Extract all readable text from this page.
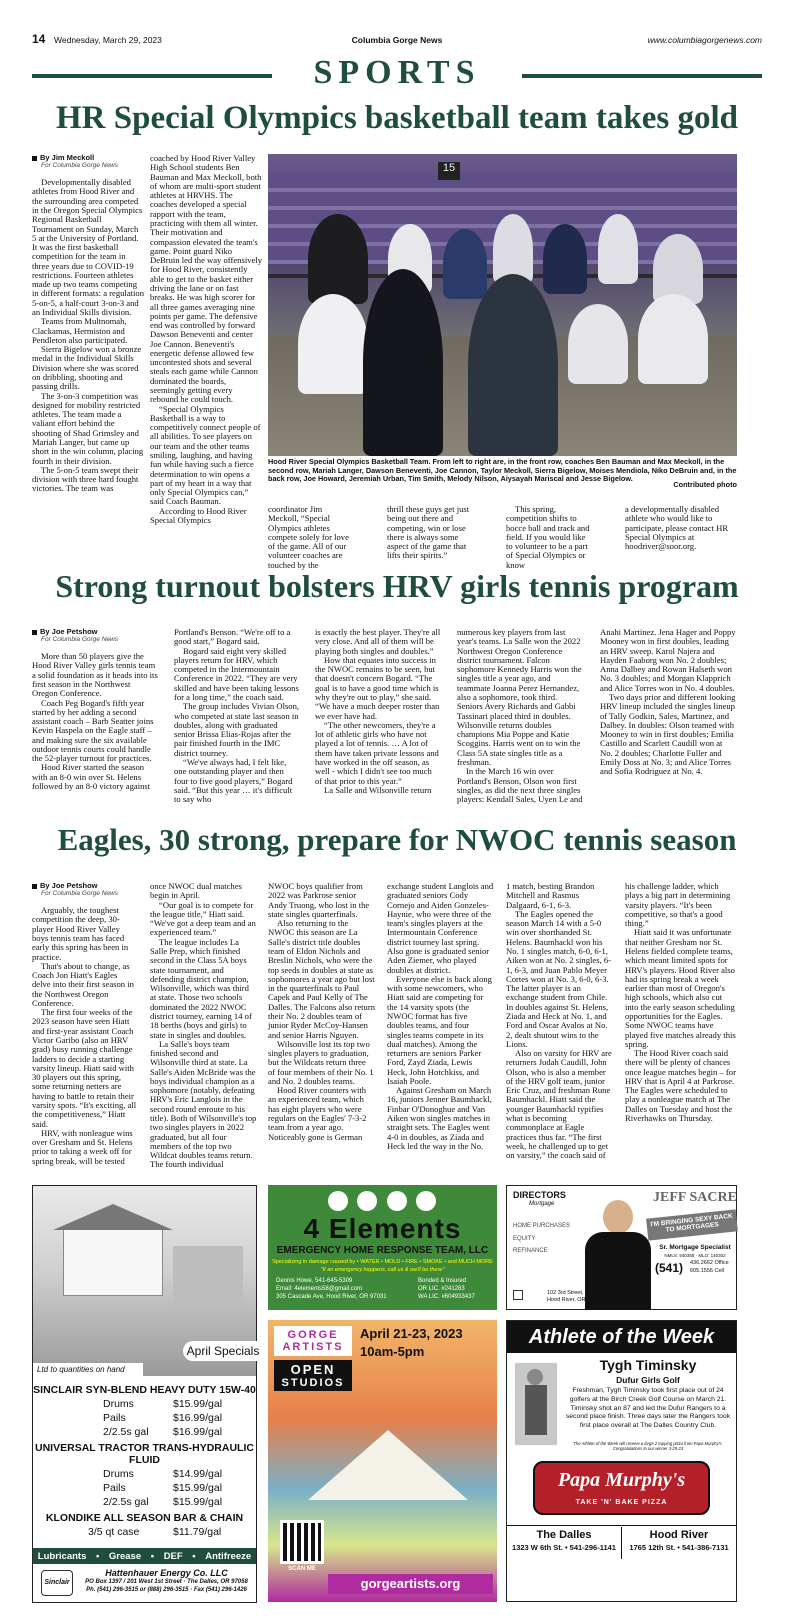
14 Wednesday, March 29, 2023	Columbia Gorge News	www.columbiagorgenews.com
SPORTS
HR Special Olympics basketball team takes gold
By Jim Meckoll
For Columbia Gorge News

Developmentally disabled athletes from Hood River and the surrounding area competed in the Oregon Special Olympics Regional Basketball Tournament on Sunday, March 5 at the University of Portland. It was the first basketball competition for the team in three years due to COVID-19 restrictions. Fourteen athletes made up two teams competing in different formats: a regulation 5-on-5, a half-court 3-on-3 and an Individual Skills division.

Teams from Multnomah, Clackamas, Hermiston and Pendleton also participated.

Sierra Bigelow won a bronze medal in the Individual Skills Division where she was scored on dribbling, shooting and passing drills.

The 3-on-3 competition was designed for mobility restricted athletes. The team made a valiant effort behind the shooting of Shad Grimsley and Mariah Langer, but came up short in the win column, placing fourth in their division.

The 5-on-5 team swept their division with three hard fought victories. The team was

coached by Hood River Valley High School students Ben Bauman and Max Meckoll, both of whom are multi-sport student athletes at HRVHS. The coaches developed a special rapport with the team, practicing with them all winter. Their motivation and compassion elevated the team's game. Point guard Niko DeBruin led the way offensively for Hood River, consistently able to get to the basket either driving the lane or on fast breaks. He was high scorer for all three games averaging nine points per game. The defensive end was controlled by forward Dawson Beneventi and center Joe Cannon. Beneventi's energetic defense allowed few uncontested shots and several steals each game while Cannon dominated the boards, seemingly getting every rebound he could touch.

“Special Olympics Basketball is a way to competitively connect people of all abilities. To see players on our team and the other teams smiling, laughing, and having fun while having such a fierce determination to win opens a part of my heart in a way that only Special Olympics can,” said Coach Bauman.

According to Hood River Special Olympics

15
Hood River Special Olympics Basketball Team. From left to right are, in the front row, coaches Ben Bauman and Max Meckoll, in the second row, Mariah Langer, Dawson Beneventi, Joe Cannon, Taylor Meckoll, Sierra Bigelow, Moises Mendiola, Niko DeBruin and, in the back row, Joe Howard, Jeremiah Urban, Tim Smith, Melody Nilson, Aiysayah Mariscal and Jesse Bigelow.
Contributed photo

coordinator Jim Meckoll, “Special Olympics athletes compete solely for love of the game. All of our volunteer coaches are touched by the

thrill these guys get just being out there and competing, win or lose there is always some aspect of the game that lifts their spirits.”

This spring, competition shifts to bocce ball and track and field. If you would like to volunteer to be a part of Special Olympics or know

a developmentally disabled athlete who would like to participate, please contact HR Special Olympics at hoodriver@soor.org.

Strong turnout bolsters HRV girls tennis program
By Joe Petshow
For Columbia Gorge News

More than 50 players give the Hood River Valley girls tennis team a solid foundation as it heads into its first season in the Northwest Oregon Conference.

Coach Peg Bogard's fifth year started by her adding a second assistant coach – Barb Seatter joins Kevin Haspela on the Eagle staff – and making sure the six available outdoor tennis courts could handle the 52-player turnout for practices.

Hood River started the season with an 8-0 win over St. Helens followed by an 8-0 victory against

Portland's Benson. “We're off to a good start,” Bogard said.

Bogard said eight very skilled players return for HRV, which competed in the Intermountain Conference in 2022. “They are very skilled and have been taking lessons for a long time,” the coach said.

The group includes Vivian Olson, who competed at state last season in doubles, along with graduated senior Brissa Elias-Rojas after the pair finished fourth in the IMC district tourney.

“We've always had, I felt like, one outstanding player and then four to five good players,” Bogard said. “But this year … it's difficult to say who

is exactly the best player. They're all very close. And all of them will be playing both singles and doubles.”

How that equates into success in the NWOC remains to be seen, but that doesn't concern Bogard. “The goal is to have a good time which is why they're out to play,” she said. “We have a much deeper roster than we ever have had.

“The other newcomers, they're a lot of athletic girls who have not played a lot of tennis. … A lot of them have taken private lessons and have worked in the off season, as well - which I didn't see too much of that prior to this year.”

La Salle and Wilsonville return

numerous key players from last year's teams. La Salle won the 2022 Northwest Oregon Conference district tournament. Falcon sophomore Kennedy Harris won the singles title a year ago, and teammate Joanna Perez Hernandez, also a sophomore, took third. Seniors Avery Richards and Gabbi Tassinari placed third in doubles. Wilsonville returns doubles champions Mia Poppe and Katie Scoggins. Harris went on to win the Class 5A state singles title as a freshman.

In the March 16 win over Portland's Benson, Olson won first singles, as did the next three singles players: Kendall Sales, Uyen Le and

Anahi Martinez. Jena Hager and Poppy Mooney won in first doubles, leading an HRV sweep. Karol Najera and Hayden Faaborg won No. 2 doubles; Anna Dalbey and Rowan Halseth won No. 3 doubles; and Morgan Klapprich and Alice Torres won in No. 4 doubles.

Two days prior and different looking HRV lineup included the singles lineup of Tally Godkin, Sales, Martinez, and Dalbey. In doubles: Olson teamed with Mooney to win in first doubles; Emilia Castillo and Scarlett Caudill won at No. 2 doubles; Charlotte Fuller and Emily Doss at No. 3; and Alice Torres and Sofia Rodriguez at No. 4.

Eagles, 30 strong, prepare for NWOC tennis season
By Joe Petshow
For Columbia Gorge News

Arguably, the toughest competition the deep, 30-player Hood River Valley boys tennis team has faced early this spring has been in practice.

That's about to change, as Coach Jon Hiatt's Eagles delve into their first season in the Northwest Oregon Conference.

The first four weeks of the 2023 season have seen Hiatt and first-year assistant Coach Victor Garibo (also an HRV grad) busy running challenge ladders to decide a starting varsity lineup. Hiatt said with 30 players out this spring, some returning netters are having to battle to retain their varsity spots. “It's exciting, all the competitiveness,” Hiatt said.

HRV, with nonleague wins over Gresham and St. Helens prior to taking a week off for spring break, will be tested

once NWOC dual matches begin in April.

“Our goal is to compete for the league title,” Hiatt said. “We've got a deep team and an experienced team.”

The league includes La Salle Prep, which finished second in the Class 5A boys state tournament, and defending district champion, Wilsonville, which was third at state. Those two schools dominated the 2022 NWOC district tourney, earning 14 of 18 berths (boys and girls) to state in singles and doubles.

La Salle's boys team finished second and Wilsonville third at state. La Salle's Aiden McBride was the boys individual champion as a sophomore (notably, defeating HRV's Eric Langlois in the second round enroute to his title). Both of Wilsonville's top two singles players in 2022 graduated, but all four members of the top two Wildcat doubles teams return. The fourth individual

NWOC boys qualifier from 2022 was Parkrose senior Andy Truong, who lost in the state singles quarterfinals.

Also returning to the NWOC this season are La Salle's district title doubles team of Eldon Nichols and Breslin Nichols, who were the top seeds in doubles at state as sophomores a year ago but lost in the quarterfinals to Paul Capek and Paul Kelly of The Dalles. The Falcons also return their No. 2 doubles team of junior Ryder McCoy-Hansen and senior Harris Nguyen.

Wilsonville lost its top two singles players to graduation, but the Wildcats return three of four members of their No. 1 and No. 2 doubles teams.

Hood River counters with an experienced team, which has eight players who were regulars on the Eagles' 7-3-2 team from a year ago. Noticeably gone is German

exchange student Langlois and graduated seniors Cody Cornejo and Aiden Gonzeles-Haynie, who were three of the team's singles players at the Intermountain Conference district tourney last spring. Also gone is graduated senior Aden Ziemer, who played doubles at district.

Everyone else is back along with some newcomers, who Hiatt said are competing for the 14 varsity spots (the NWOC format has five doubles teams, and four singles teams compete in its dual matches). Among the returners are seniors Parker Ford, Zayd Ziada, Lewis Heck, John Hotchkiss, and Isaiah Poole.

Against Gresham on March 16, juniors Jenner Baumhackl, Finbar O'Donoghue and Van Aiken won singles matches in straight sets. The Eagles went 4-0 in doubles, as Ziada and Heck led the way in the No.

1 match, besting Brandon Mitchell and Rasmus Dalgaard, 6-1, 6-3.

The Eagles opened the season March 14 with a 5-0 win over shorthanded St. Helens. Baumhackl won his No. 1 singles match, 6-0, 6-1, Aiken won at No. 2 singles, 6-1, 6-3, and Juan Pablo Meyer Cortes won at No. 3, 6-0, 6-3. The latter player is an exchange student from Chile. In doubles against St. Helens, Ziada and Heck at No. 1, and Ford and Oscar Avalos at No. 2, dealt shutout wins to the Lions.

Also on varsity for HRV are returners Judah Caudill, John Olson, who is also a member of the HRV golf team, junior Eric Cruz, and freshman Rune Baumhackl. Hiatt said the younger Baumhackl typifies what is becoming commonplace at Eagle practices thus far. “The first week, he challenged up to get on varsity,” the coach said of

his challenge ladder, which plays a big part in determining varsity players. “It's been competitive, so that's a good thing.”

Hiatt said it was unfortunate that neither Gresham nor St. Helens fielded complete teams, which meant limited spots for HRV's players. Hood River also had its spring break a week earlier than most of Oregon's high schools, which also cut into the early season scheduling opportunities for the Eagles. Some NWOC teams have played five matches already this spring.

The Hood River coach said there will be plenty of chances once league matches begin – for HRV that is April 4 at Parkrose. The Eagles were scheduled to play a nonleague match at The Dalles on Tuesday and host the Riverhawks on Thursday.

April Specials
Ltd to quantities on hand
SINCLAIR SYN-BLEND HEAVY DUTY 15W-40
Drums	$15.99/gal
Pails	$16.99/gal
2/2.5s gal	$16.99/gal
UNIVERSAL TRACTOR TRANS-HYDRAULIC FLUID
Drums	$14.99/gal
Pails	$15.99/gal
2/2.5s gal	$15.99/gal
KLONDIKE ALL SEASON BAR & CHAIN
3/5 qt case	$11.79/gal
Lubricants • Grease • DEF • Antifreeze
Sinclair
Hattenhauer Energy Co. LLC
PO Box 1397 / 201 West 1st Street · The Dalles, OR 97058
Ph. (541) 296-3515 or (888) 296-3515 · Fax (541) 296-1426
4 Elements
EMERGENCY HOME RESPONSE TEAM, LLC
Specializing in damage caused by • WATER • MOLD • FIRE • SMOKE • and MUCH MORE
"If an emergency happens, call us & we'll be there"
Dennis Howe, 541-645-5309
Email: 4elements58@gmail.com
305 Cascade Ave, Hood River, OR 97031
Bonded & Insured
OR LIC. #241283
WA LIC. #604933437
DIRECTORS
Mortgage
HOME PURCHASES
EQUITY
REFINANCE
JEFF SACRE
I'M BRINGING SEXY BACK TO MORTGAGES
Sr. Mortgage Specialist
NMLS: 540358 · MLO: 140302
(541) 436.2662 Office
605.1556 Cell
102 3rd Street,
Hood River, OR 97031
GORGE
ARTISTS
OPEN
STUDIOS
April 21-23, 2023
10am-5pm
SCAN ME
gorgeartists.org
Athlete of the Week
Tygh Timinsky
Dufur Girls Golf
Freshman, Tygh Timinsky took first place out of 24 golfers at the Birch Creek Golf Course on March 21. Timinsky shot an 87 and led the Dufur Rangers to a second place finish. Three days later the Rangers took first place overall at The Dalles Country Club.
The Athlete of the Week will receive a large 2 topping pizza from Papa Murphy's. Congratulations to our winner 3-29-23
Papa Murphy's
TAKE 'N' BAKE PIZZA
The Dalles
1323 W 6th St. • 541-296-1141
Hood River
1765 12th St. • 541-386-7131
